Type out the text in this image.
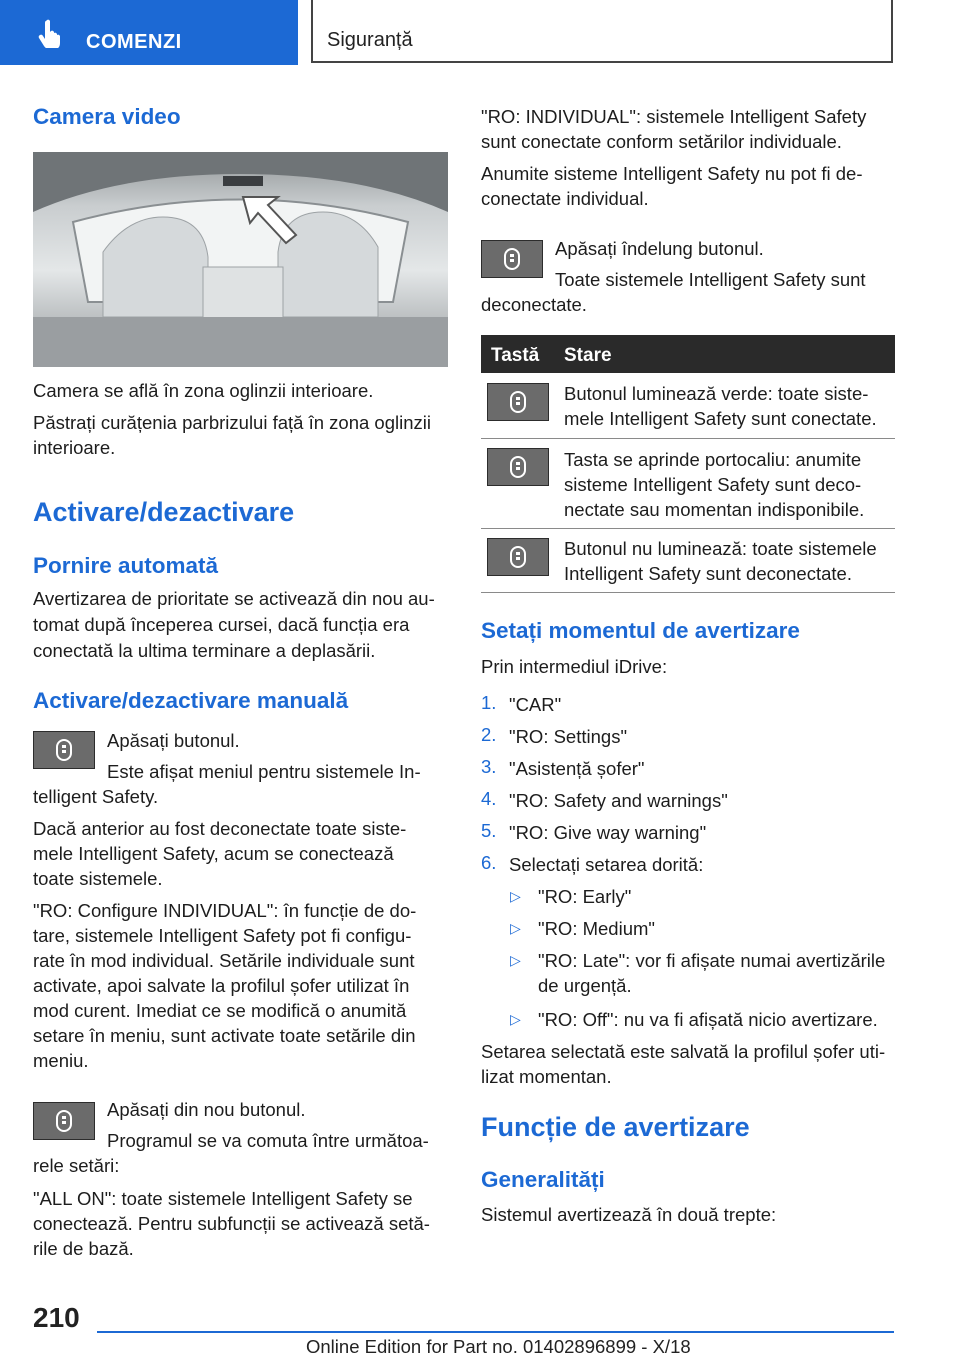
COMENZI	Siguranță
Camera video

Camera se află în zona oglinzii interioare.

Păstrați curățenia parbrizului față în zona oglinzii

interioare.

Activare/dezactivare
Pornire automată

Avertizarea de prioritate se activează din nou au-

tomat după începerea cursei, dacă funcția era

conectată la ultima terminare a deplasării.

Activare/dezactivare manuală

Apăsați butonul.

Este afișat meniul pentru sistemele In-

telligent Safety.

Dacă anterior au fost deconectate toate siste-

mele Intelligent Safety, acum se conectează

toate sistemele.

"RO: Configure INDIVIDUAL": în funcție de do-

tare, sistemele Intelligent Safety pot fi configu-

rate în mod individual. Setările individuale sunt

activate, apoi salvate la profilul șofer utilizat în

mod curent. Imediat ce se modifică o anumită

setare în meniu, sunt activate toate setările din

meniu.

Apăsați din nou butonul.

Programul se va comuta între următoa-

rele setări:

"ALL ON": toate sistemele Intelligent Safety se

conectează. Pentru subfuncții se activează setă-

rile de bază.

"RO: INDIVIDUAL": sistemele Intelligent Safety

sunt conectate conform setărilor individuale.

Anumite sisteme Intelligent Safety nu pot fi de-

conectate individual.

Apăsați îndelung butonul.

Toate sistemele Intelligent Safety sunt

deconectate.

Tastă Stare

Butonul luminează verde: toate siste-

mele Intelligent Safety sunt conectate.

Tasta se aprinde portocaliu: anumite

sisteme Intelligent Safety sunt deco-

nectate sau momentan indisponibile.

Butonul nu luminează: toate sistemele

Intelligent Safety sunt deconectate.

Setați momentul de avertizare

Prin intermediul iDrive:

1. "CAR"

2. "RO: Settings"

3. "Asistență șofer"

4. "RO: Safety and warnings"

5. "RO: Give way warning"

6. Selectați setarea dorită:

▷ "RO: Early"

▷ "RO: Medium"

▷ "RO: Late": vor fi afișate numai avertizările

de urgență.

▷ "RO: Off": nu va fi afișată nicio avertizare.

Setarea selectată este salvată la profilul șofer uti-

lizat momentan.

Funcție de avertizare
Generalități

Sistemul avertizează în două trepte:

210
Online Edition for Part no. 01402896899 - X/18
